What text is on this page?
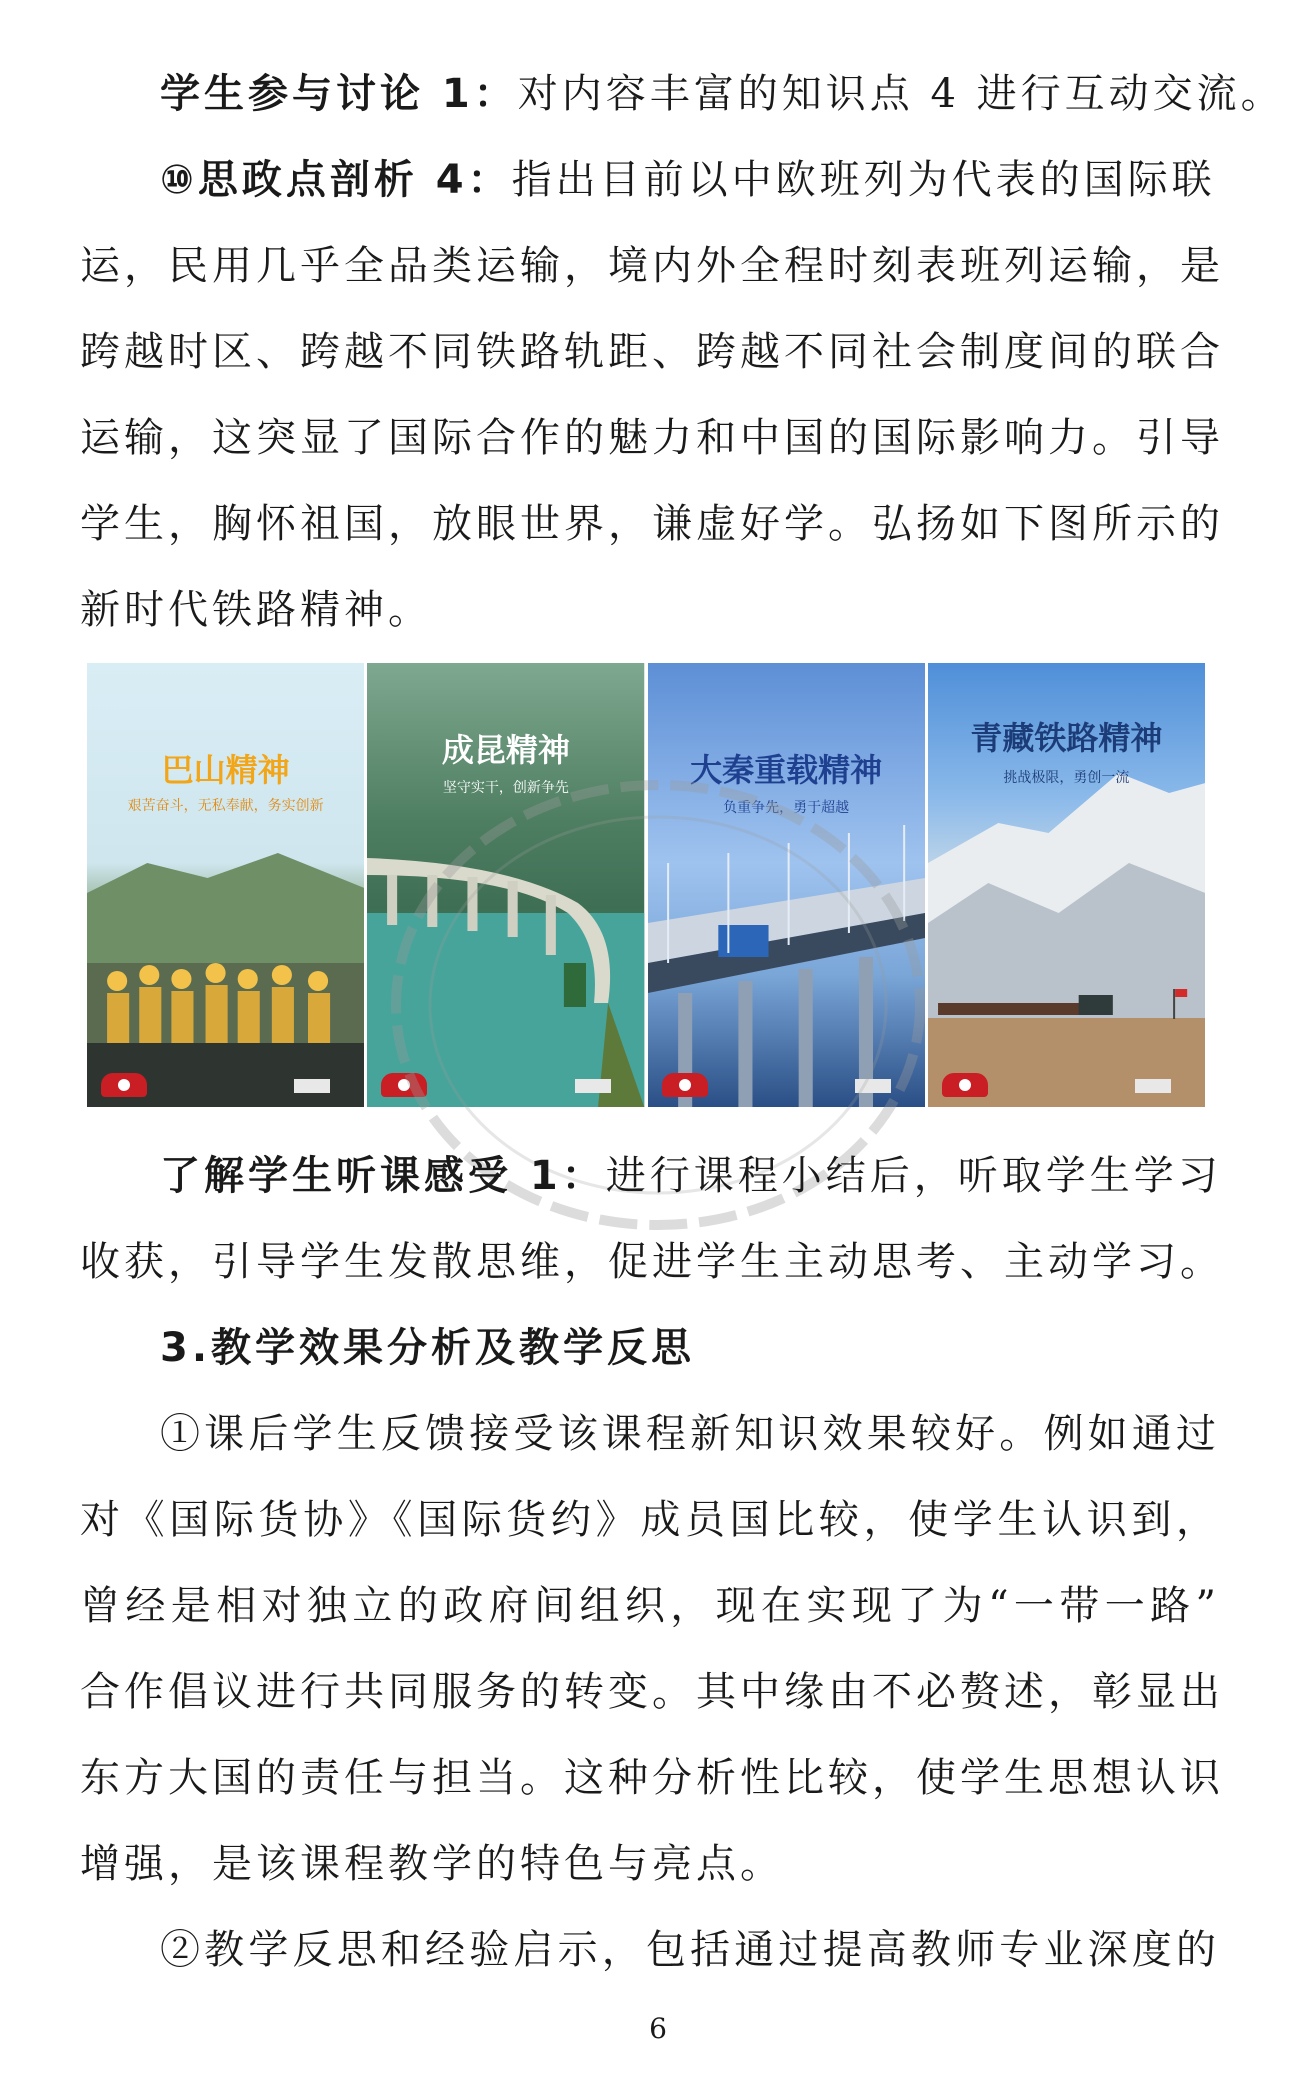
学生参与讨论 1：对内容丰富的知识点 4 进行互动交流。
⑩思政点剖析 4：指出目前以中欧班列为代表的国际联
运，民用几乎全品类运输，境内外全程时刻表班列运输，是
跨越时区、跨越不同铁路轨距、跨越不同社会制度间的联合
运输，这突显了国际合作的魅力和中国的国际影响力。引导
学生，胸怀祖国，放眼世界，谦虚好学。弘扬如下图所示的
新时代铁路精神。
巴山精神
艰苦奋斗，无私奉献，务实创新
成昆精神
坚守实干，创新争先	大秦重载精神
负重争先，勇于超越
青藏铁路精神
挑战极限，勇创一流
了解学生听课感受 1：进行课程小结后，听取学生学习
收获，引导学生发散思维，促进学生主动思考、主动学习。
3.教学效果分析及教学反思
①课后学生反馈接受该课程新知识效果较好。例如通过
对《国际货协》《国际货约》成员国比较，使学生认识到，
曾经是相对独立的政府间组织，现在实现了为“一带一路”
合作倡议进行共同服务的转变。其中缘由不必赘述，彰显出
东方大国的责任与担当。这种分析性比较，使学生思想认识
增强，是该课程教学的特色与亮点。
②教学反思和经验启示，包括通过提高教师专业深度的
6
